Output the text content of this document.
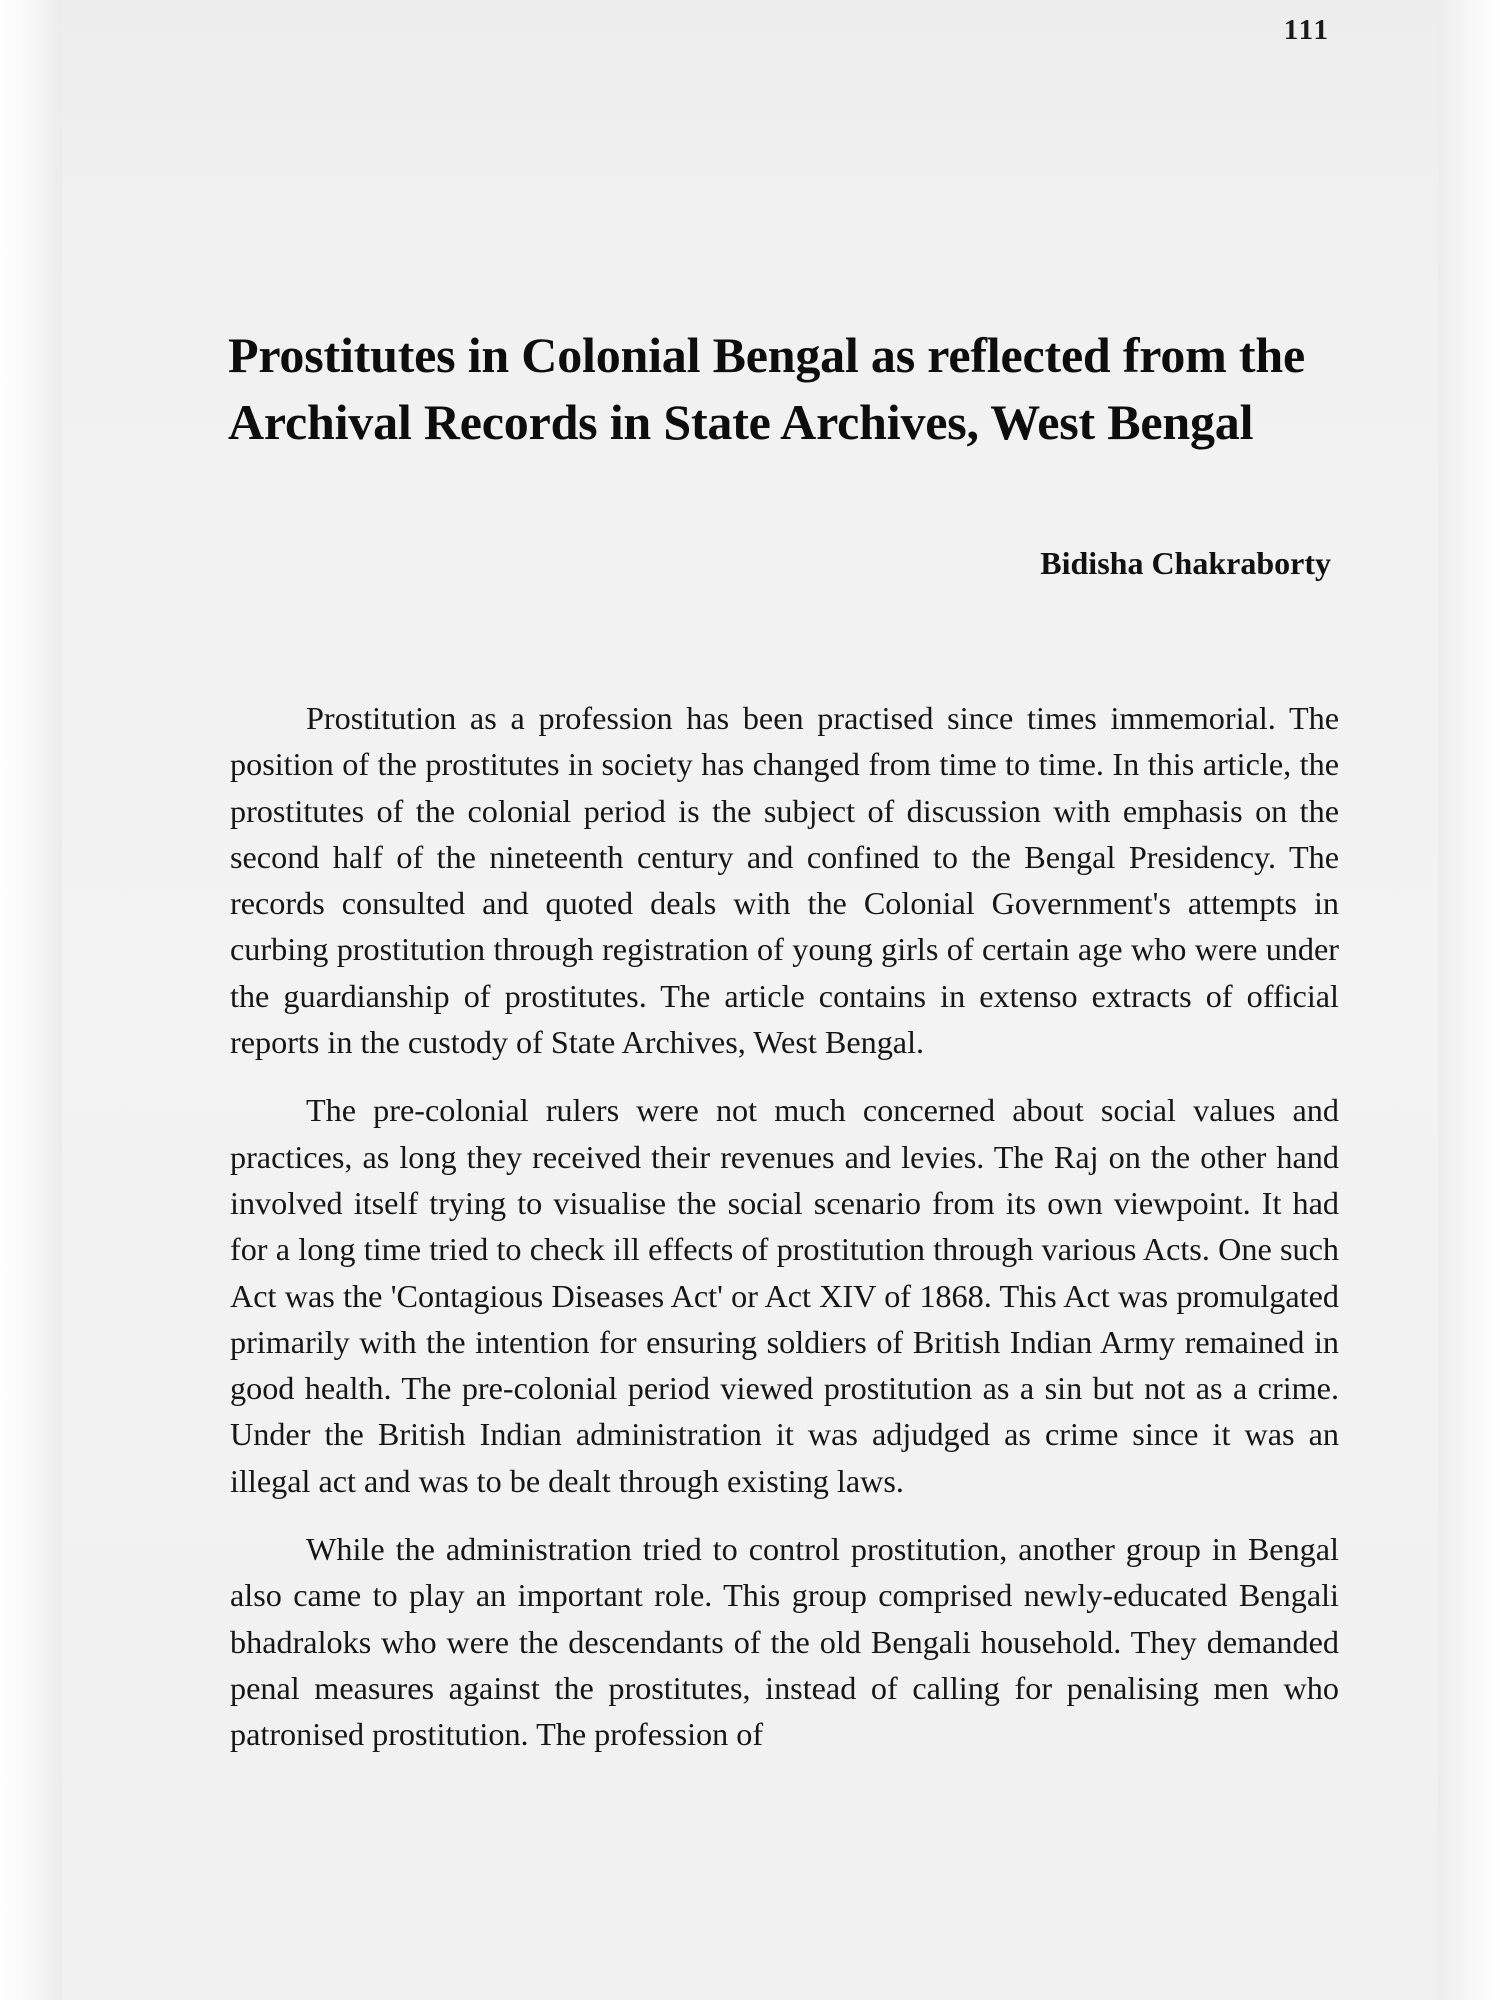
111
Prostitutes in Colonial Bengal as reflected from the Archival Records in State Archives, West Bengal
Bidisha Chakraborty

Prostitution as a profession has been practised since times immemorial. The position of the prostitutes in society has changed from time to time. In this article, the prostitutes of the colonial period is the subject of discussion with emphasis on the second half of the nineteenth century and confined to the Bengal Presidency. The records consulted and quoted deals with the Colonial Government's attempts in curbing prostitution through registration of young girls of certain age who were under the guardianship of prostitutes. The article contains in extenso extracts of official reports in the custody of State Archives, West Bengal.

The pre-colonial rulers were not much concerned about social values and practices, as long they received their revenues and levies. The Raj on the other hand involved itself trying to visualise the social scenario from its own viewpoint. It had for a long time tried to check ill effects of prostitution through various Acts. One such Act was the 'Contagious Diseases Act' or Act XIV of 1868. This Act was promulgated primarily with the intention for ensuring soldiers of British Indian Army remained in good health. The pre-colonial period viewed prostitution as a sin but not as a crime. Under the British Indian administration it was adjudged as crime since it was an illegal act and was to be dealt through existing laws.

While the administration tried to control prostitution, another group in Bengal also came to play an important role. This group comprised newly-educated Bengali bhadraloks who were the descendants of the old Bengali household. They demanded penal measures against the prostitutes, instead of calling for penalising men who patronised prostitution. The profession of
